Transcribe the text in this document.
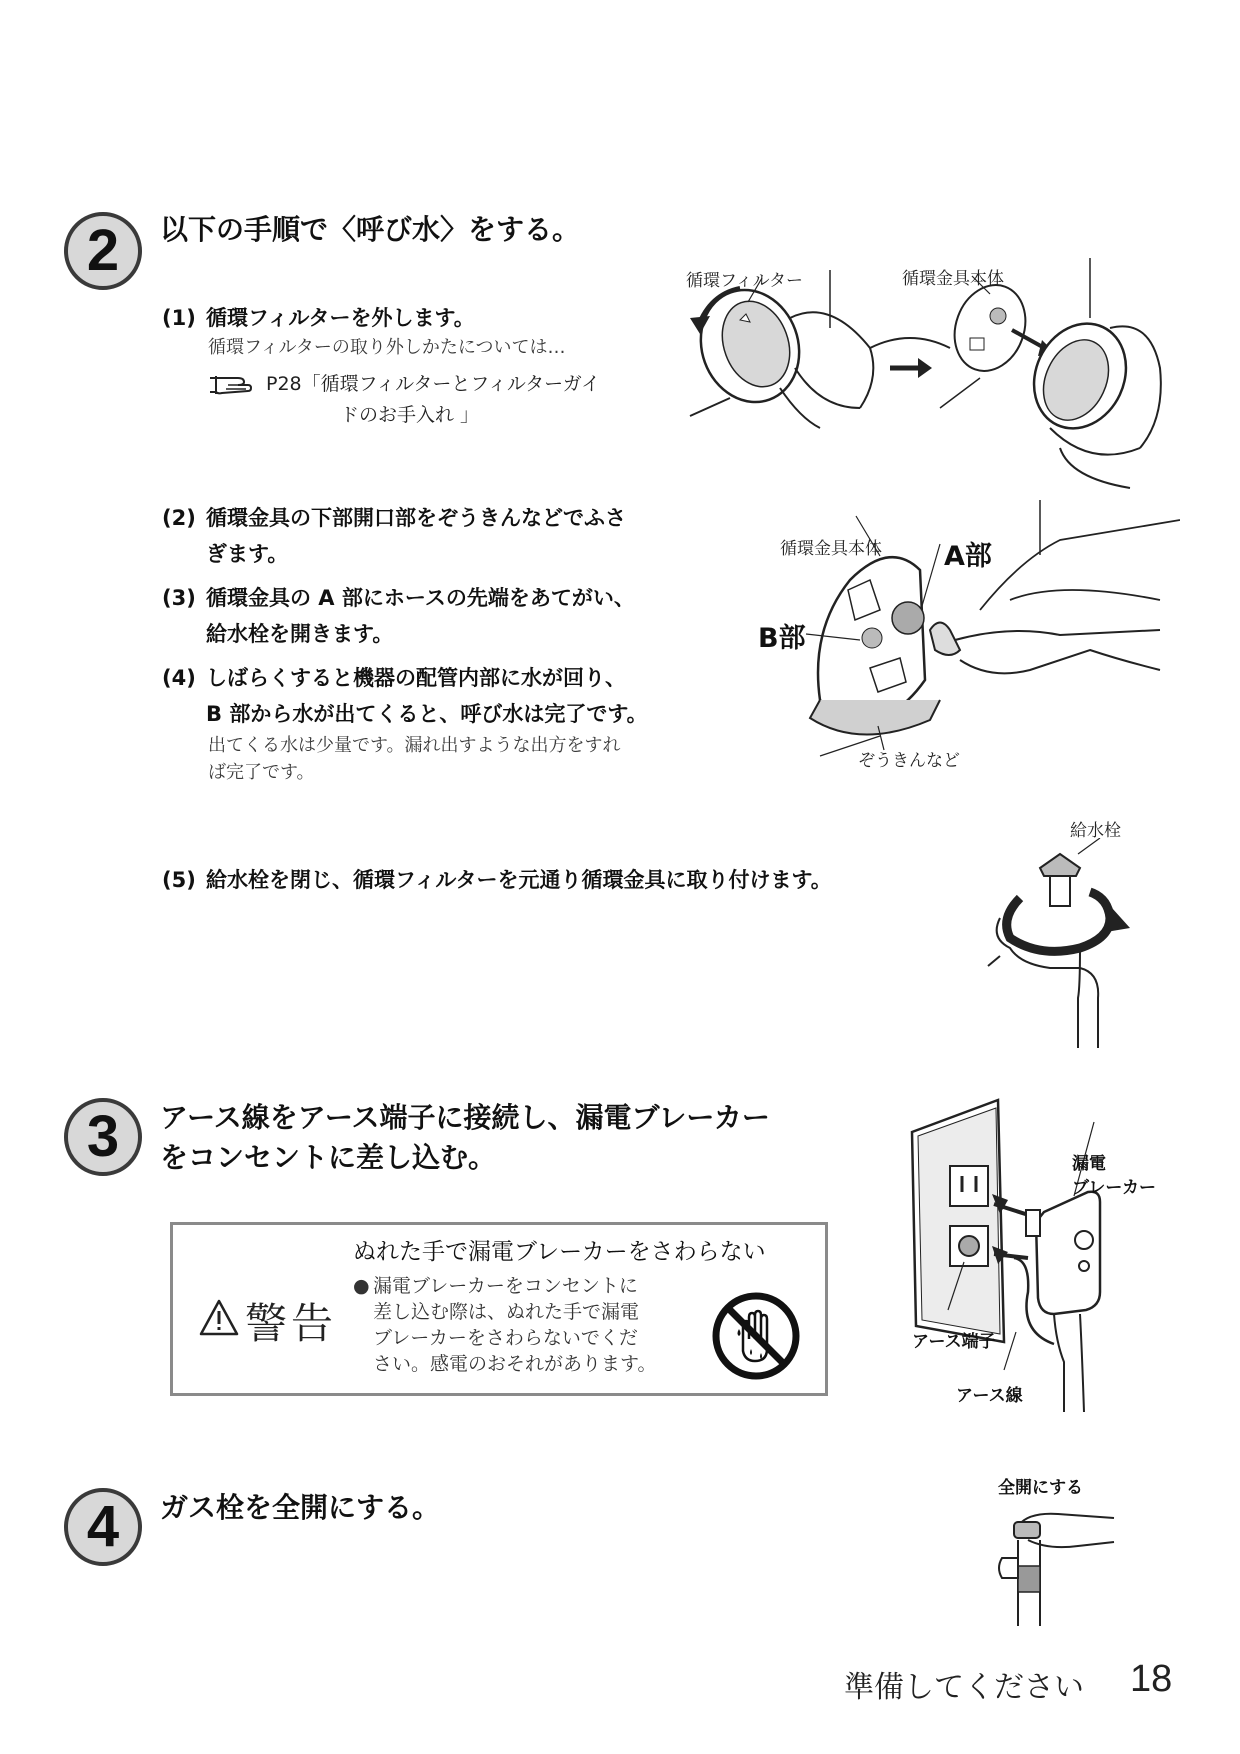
2 以下の手順で〈呼び水〉をする。
(1) 循環フィルターを外します。
循環フィルターの取り外しかたについては…
P28「循環フィルターとフィルターガイ
ドのお手入れ 」
循環フィルター	循環金具本体
(2) 循環金具の下部開口部をぞうきんなどでふさ
ぎます。
(3) 循環金具の A 部にホースの先端をあてがい、
給水栓を開きます。
(4) しばらくすると機器の配管内部に水が回り、
B 部から水が出てくると、呼び水は完了です。
出てくる水は少量です。漏れ出すような出方をすれ
ば完了です。
循環金具本体 A部
B部
ぞうきんなど
(5) 給水栓を閉じ、循環フィルターを元通り循環金具に取り付けます。
給水栓
3 アース線をアース端子に接続し、漏電ブレーカー
をコンセントに差し込む。
警告
ぬれた手で漏電ブレーカーをさわらない
● 漏電ブレーカーをコンセントに
差し込む際は、ぬれた手で漏電
ブレーカーをさわらないでくだ
さい。感電のおそれがあります。
漏電
ブレーカー
アース端子
アース線
4 ガス栓を全開にする。
全開にする
準備してください 18
